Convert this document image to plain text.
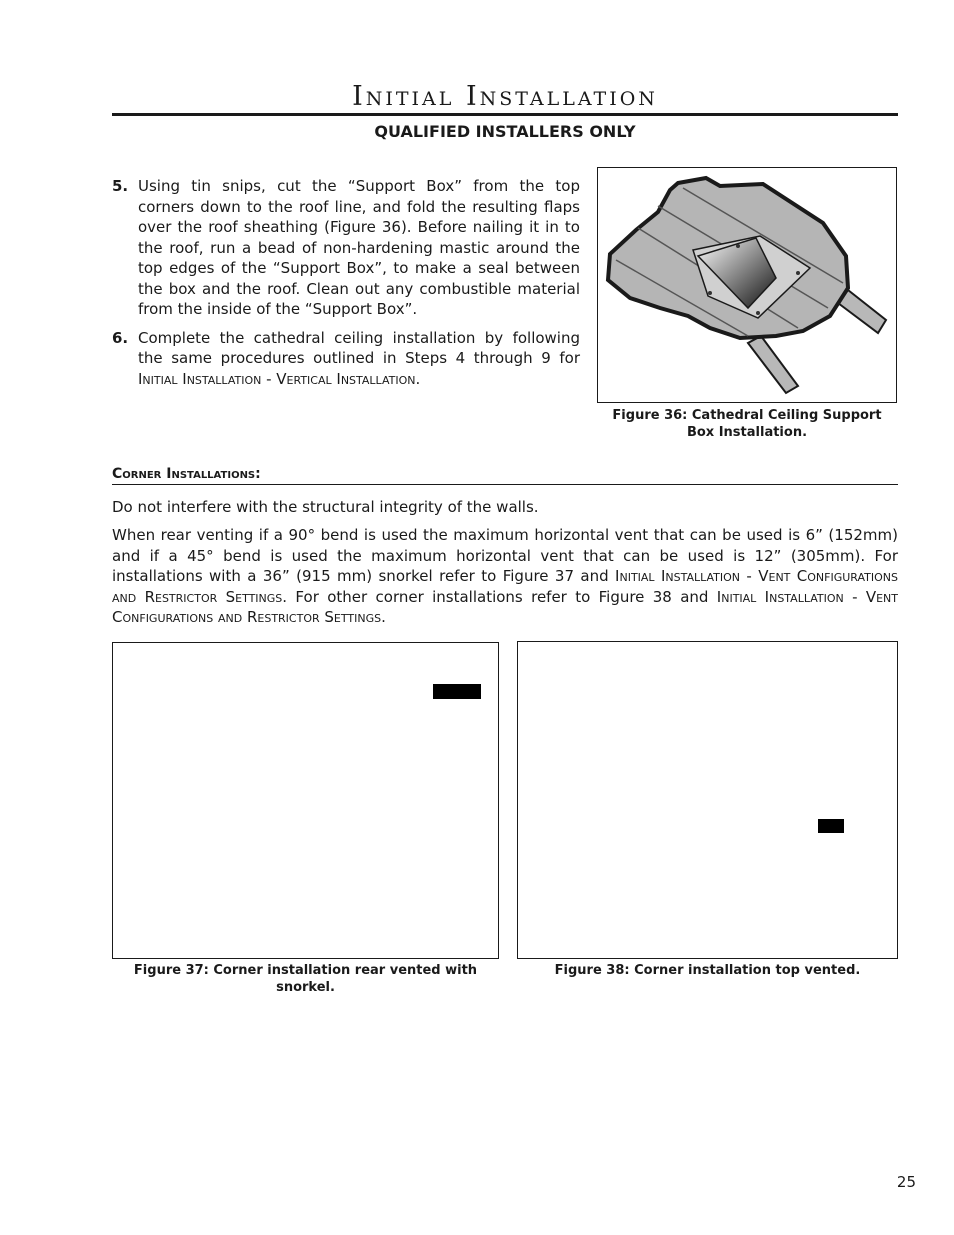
Initial Installation
QUALIFIED INSTALLERS ONLY
5. Using tin snips, cut the “Support Box” from the top corners down to the roof line, and fold the resulting flaps over the roof sheathing (Figure 36). Before nailing it in to the roof, run a bead of non-hardening mastic around the top edges of the “Support Box”, to make a seal between the box and the roof. Clean out any combustible material from the inside of the “Support Box”.
6. Complete the cathedral ceiling installation by following the same procedures outlined in Steps 4 through 9 for Initial Installation - Vertical Installation.
Figure 36: Cathedral Ceiling Support Box Installation.
Corner Installations:
Do not interfere with the structural integrity of the walls.
When rear venting if a 90° bend is used the maximum horizontal vent that can be used is 6” (152mm) and if a 45° bend is used the maximum horizontal vent that can be used is 12” (305mm). For installations with a 36” (915 mm) snorkel refer to Figure 37 and Initial Installation - Vent Configurations and Restrictor Settings. For other corner installations refer to Figure 38 and Initial Installation - Vent Configurations and Restrictor Settings.
Figure 37: Corner installation rear vented with snorkel.
Figure 38: Corner installation top vented.
25
